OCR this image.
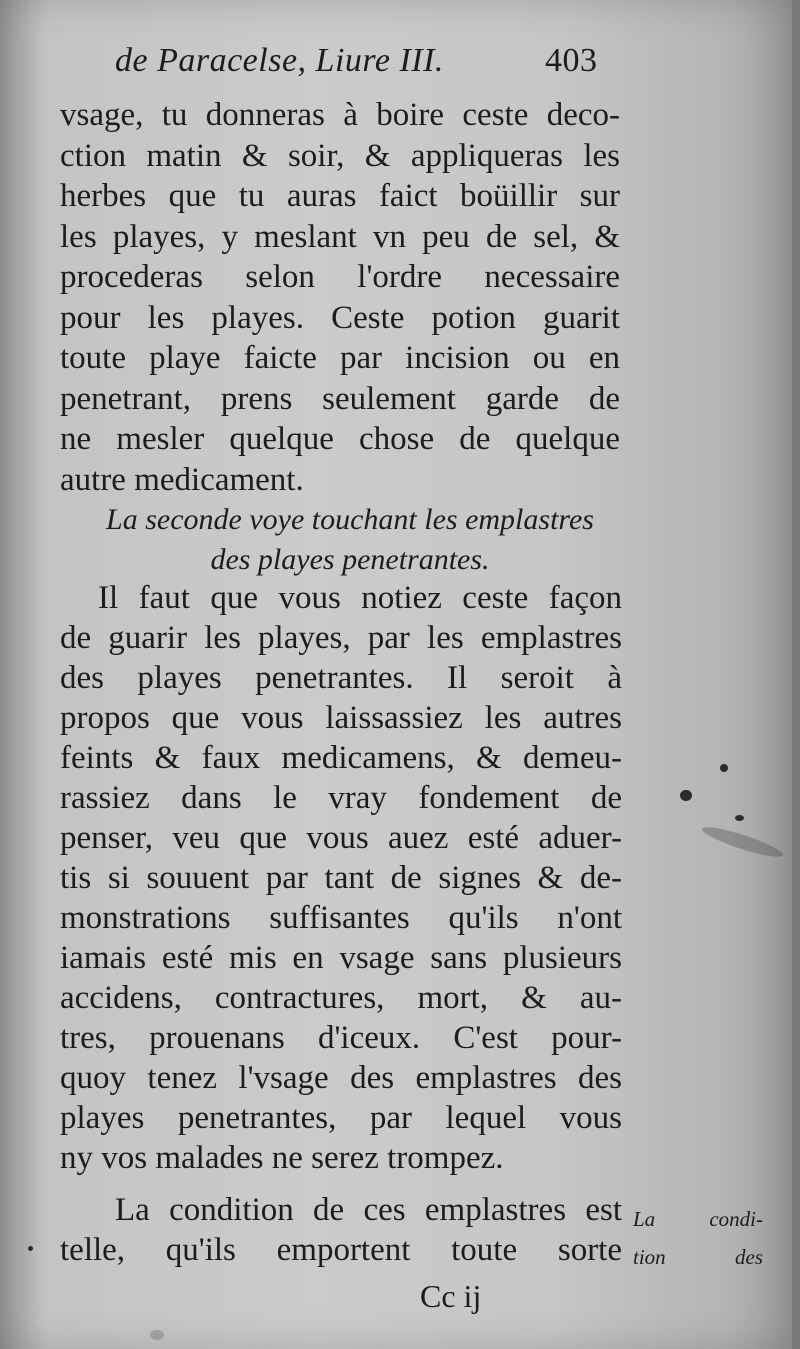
de Paracelse, Liure III.	403
vsage, tu donneras à boire ceste deco-
ction matin & soir, & appliqueras les
herbes que tu auras faict boüillir sur
les playes, y meslant vn peu de sel, &
procederas selon l'ordre necessaire
pour les playes. Ceste potion guarit
toute playe faicte par incision ou en
penetrant, prens seulement garde de
ne mesler quelque chose de quelque
autre medicament.
La seconde voye touchant les emplastres
des playes penetrantes.
Il faut que vous notiez ceste façon
de guarir les playes, par les emplastres
des playes penetrantes. Il seroit à
propos que vous laissassiez les autres
feints & faux medicamens, & demeu-
rassiez dans le vray fondement de
penser, veu que vous auez esté aduer-
tis si souuent par tant de signes & de-
monstrations suffisantes qu'ils n'ont
iamais esté mis en vsage sans plusieurs
accidens, contractures, mort, & au-
tres, prouenans d'iceux. C'est pour-
quoy tenez l'vsage des emplastres des
playes penetrantes, par lequel vous
ny vos malades ne serez trompez.
La condition de ces emplastres est
telle, qu'ils emportent toute sorte
La condi-
tion des
Cc ij
